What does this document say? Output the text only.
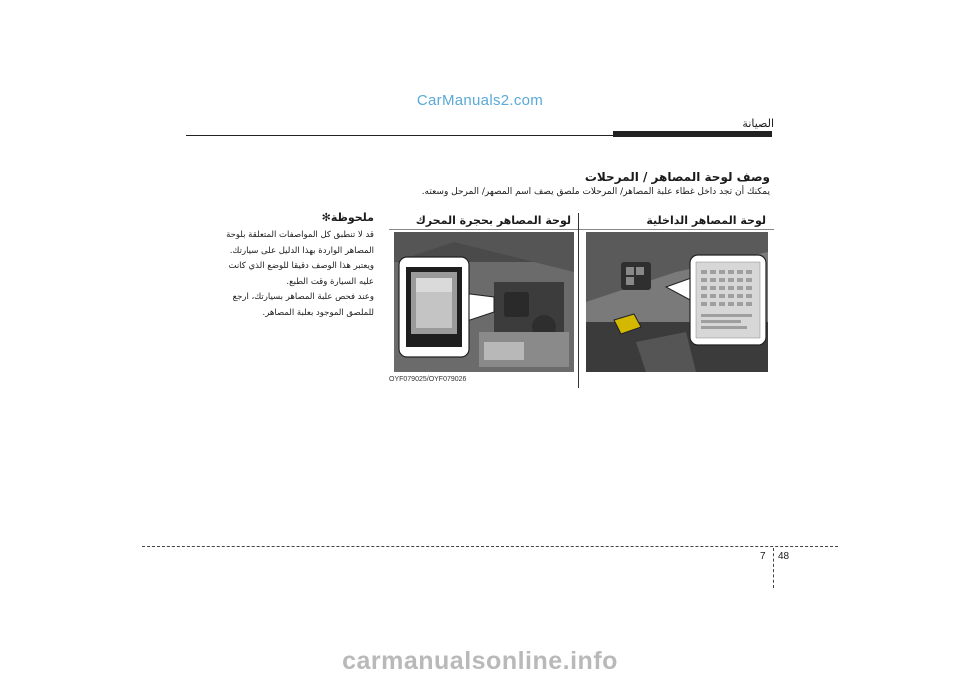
CarManuals2.com
الصيانة
وصف لوحة المصاهر / المرحلات
يمكنك أن تجد داخل غطاء علبة المصاهر/ المرحلات ملصق يصف اسم المصهر/ المرحل وسعته.
لوحة المصاهر الداخلية
لوحة المصاهر بحجرة المحرك
OYF079025/OYF079026
ملحوظة✻
قد لا تنطبق كل المواصفات المتعلقة بلوحة
المصاهر الواردة بهذا الدليل على سيارتك.
ويعتبر هذا الوصف دقيقا للوضع الذي كانت
عليه السيارة وقت الطبع.
وعند فحص علبة المصاهر بسيارتك، ارجع
للملصق الموجود بعلبة المصاهر.
7 48
carmanualsonline.info
